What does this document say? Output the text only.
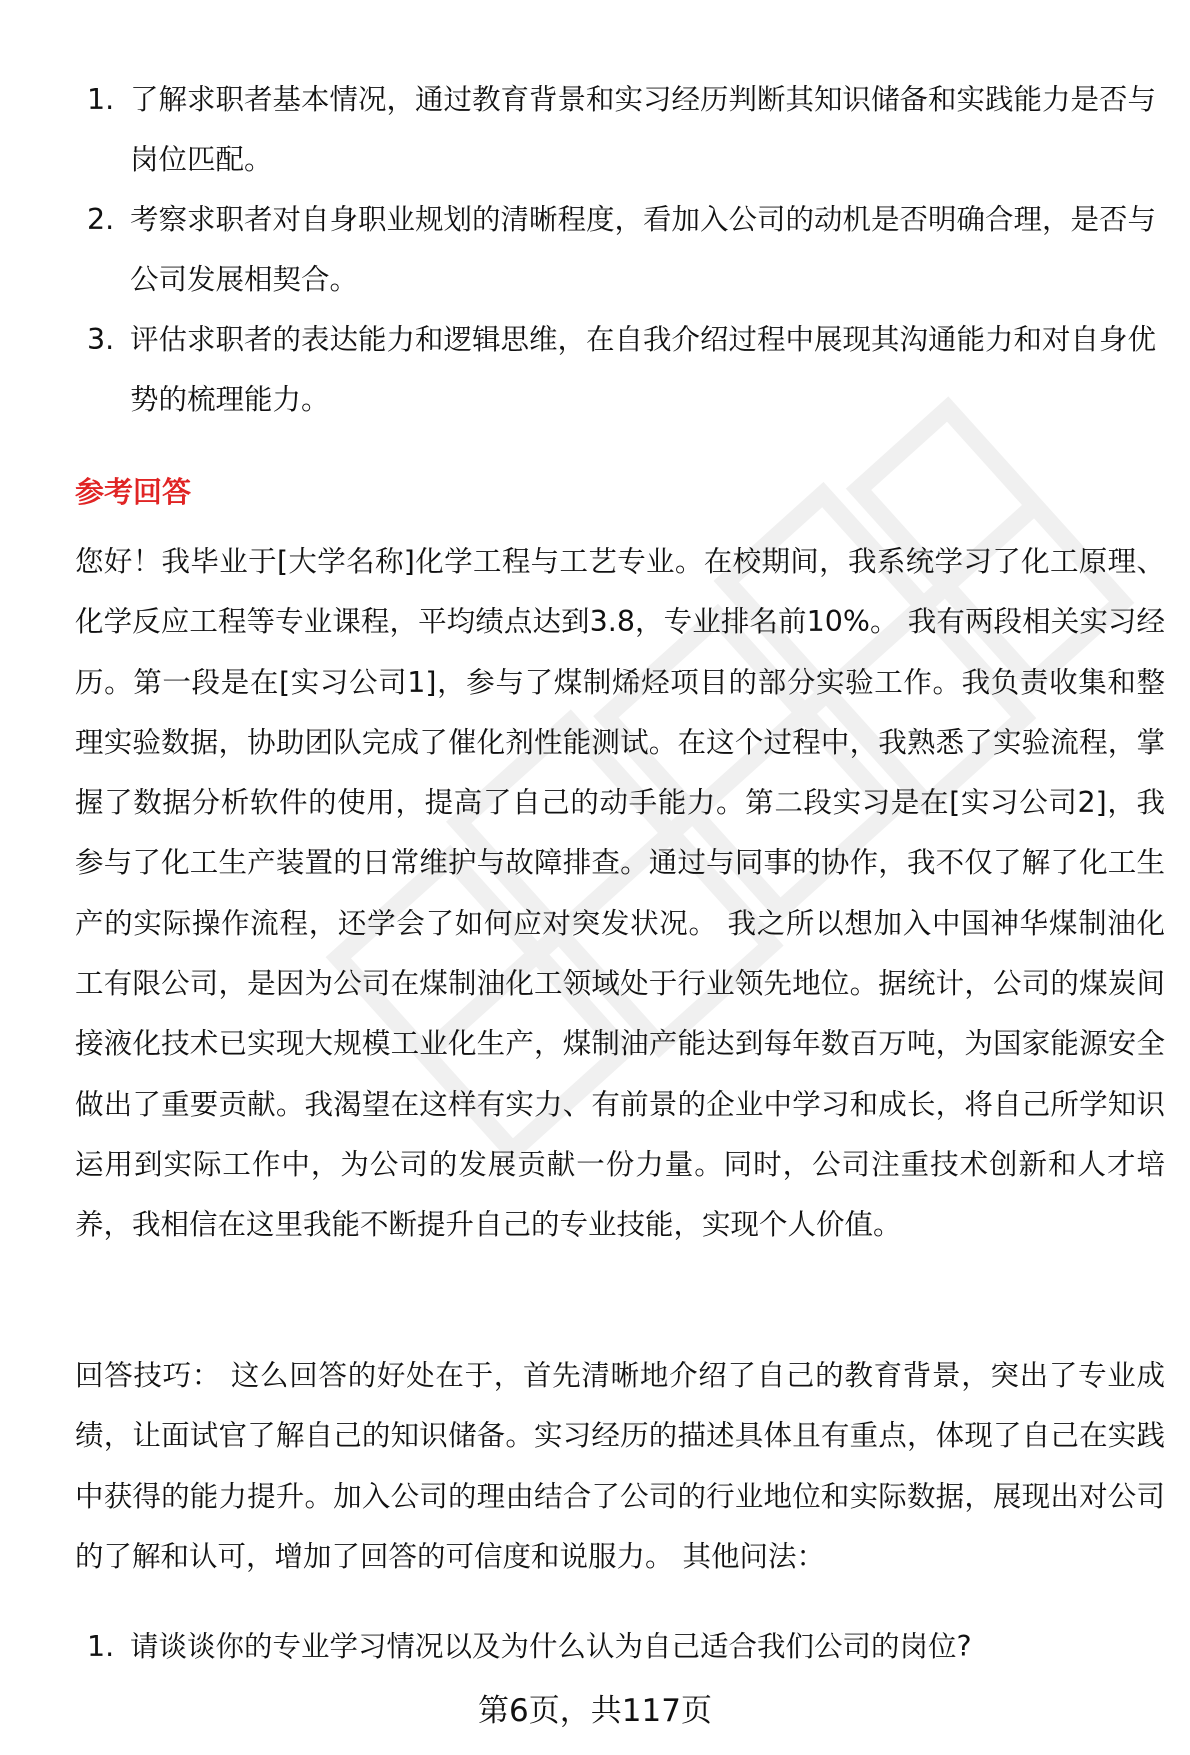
1. 了解求职者基本情况，通过教育背景和实习经历判断其知识储备和实践能力是否与岗位匹配。
2. 考察求职者对自身职业规划的清晰程度，看加入公司的动机是否明确合理，是否与公司发展相契合。
3. 评估求职者的表达能力和逻辑思维，在自我介绍过程中展现其沟通能力和对自身优势的梳理能力。
参考回答
您好！我毕业于[大学名称]化学工程与工艺专业。在校期间，我系统学习了化工原理、化学反应工程等专业课程，平均绩点达到3.8，专业排名前10%。 我有两段相关实习经历。第一段是在[实习公司1]，参与了煤制烯烃项目的部分实验工作。我负责收集和整理实验数据，协助团队完成了催化剂性能测试。在这个过程中，我熟悉了实验流程，掌握了数据分析软件的使用，提高了自己的动手能力。第二段实习是在[实习公司2]，我参与了化工生产装置的日常维护与故障排查。通过与同事的协作，我不仅了解了化工生产的实际操作流程，还学会了如何应对突发状况。 我之所以想加入中国神华煤制油化工有限公司，是因为公司在煤制油化工领域处于行业领先地位。据统计，公司的煤炭间接液化技术已实现大规模工业化生产，煤制油产能达到每年数百万吨，为国家能源安全做出了重要贡献。我渴望在这样有实力、有前景的企业中学习和成长，将自己所学知识运用到实际工作中，为公司的发展贡献一份力量。同时，公司注重技术创新和人才培养，我相信在这里我能不断提升自己的专业技能，实现个人价值。
回答技巧： 这么回答的好处在于，首先清晰地介绍了自己的教育背景，突出了专业成绩，让面试官了解自己的知识储备。实习经历的描述具体且有重点，体现了自己在实践中获得的能力提升。加入公司的理由结合了公司的行业地位和实际数据，展现出对公司的了解和认可，增加了回答的可信度和说服力。 其他问法：
1. 请谈谈你的专业学习情况以及为什么认为自己适合我们公司的岗位?
第6页，共117页
